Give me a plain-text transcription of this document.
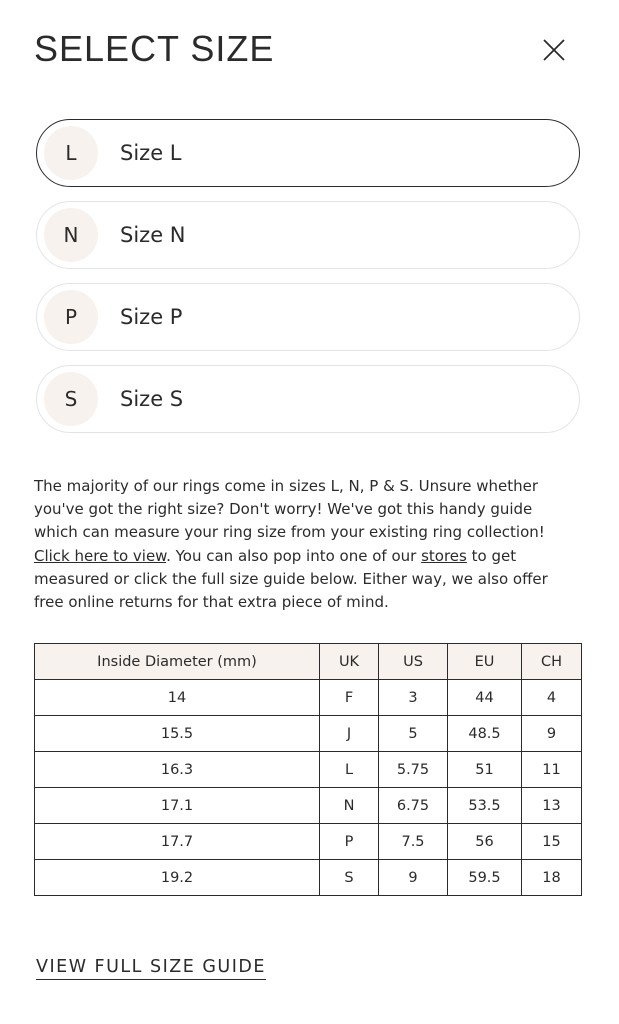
SELECT SIZE
L	Size L
N	Size N
P	Size P
S	Size S

The majority of our rings come in sizes L, N, P & S. Unsure whether you've got the right size? Don't worry! We've got this handy guide which can measure your ring size from your existing ring collection! Click here to view. You can also pop into one of our stores to get measured or click the full size guide below. Either way, we also offer free online returns for that extra piece of mind.

Inside Diameter (mm)	UK	US	EU	CH
14	F	3	44	4
15.5	J	5	48.5	9
16.3	L	5.75	51	11
17.1	N	6.75	53.5	13
17.7	P	7.5	56	15
19.2	S	9	59.5	18
VIEW FULL SIZE GUIDE
